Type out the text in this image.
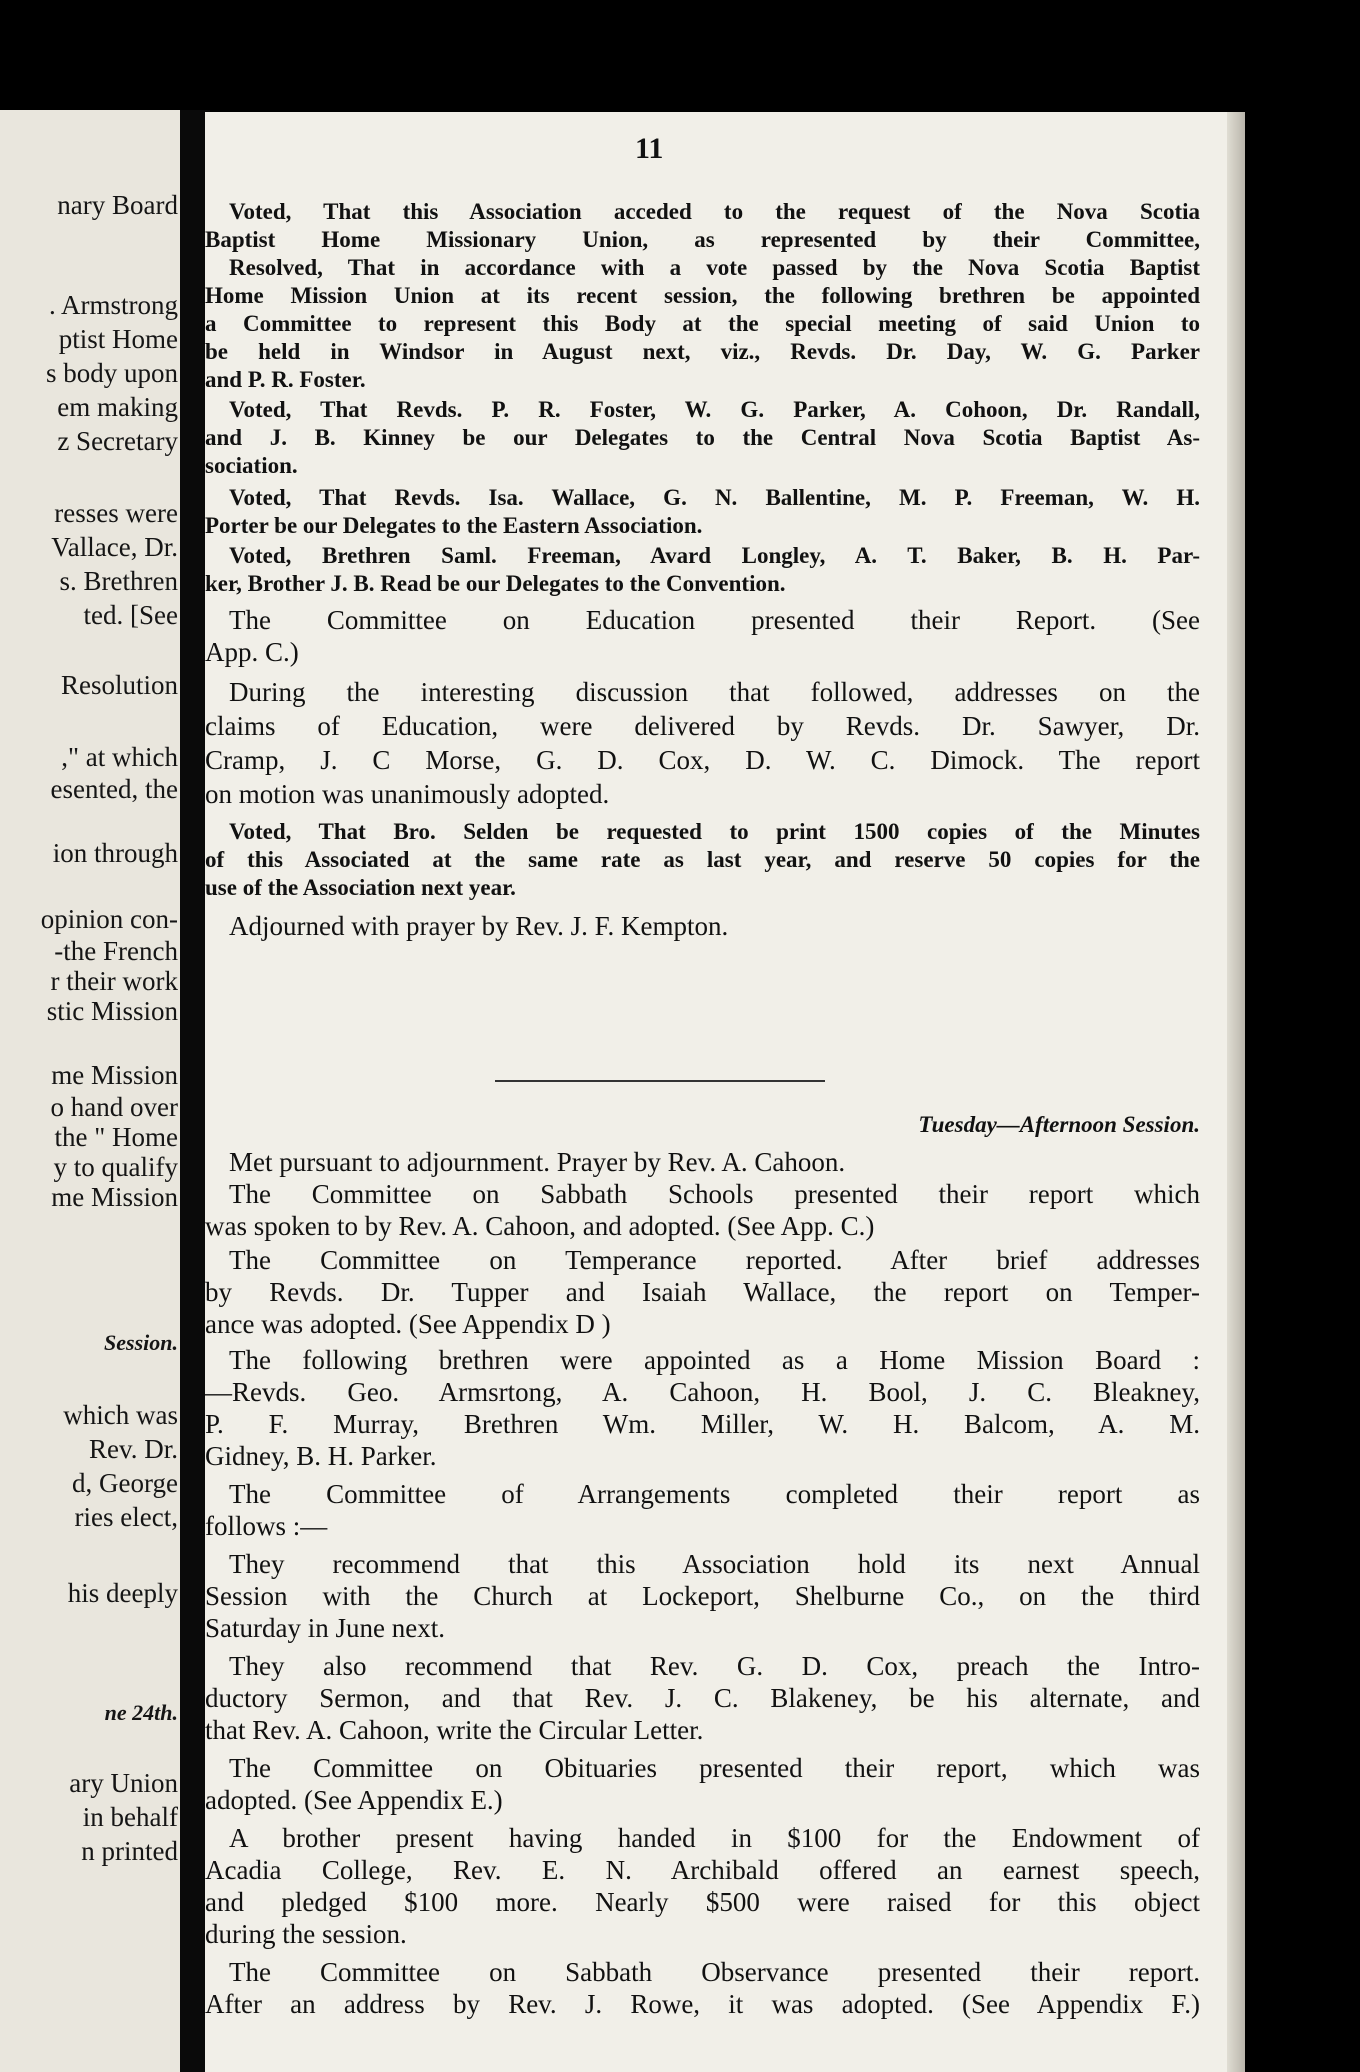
nary Board
. Armstrong
ptist Home
s body upon
em making
z Secretary
resses were
Vallace, Dr.
s. Brethren
ted. [See
Resolution
," at which
esented, the
ion through
opinion con-
-the French
r their work
stic Mission
me Mission
o hand over
the " Home
y to qualify
me Mission
Session.
which was
Rev. Dr.
d, George
ries elect,
his deeply
ne 24th.
ary Union
in behalf
n printed
11
Voted, That this Association acceded to the request of the Nova Scotia
Baptist Home Missionary Union, as represented by their Committee,
Resolved, That in accordance with a vote passed by the Nova Scotia Baptist
Home Mission Union at its recent session, the following brethren be appointed
a Committee to represent this Body at the special meeting of said Union to
be held in Windsor in August next, viz., Revds. Dr. Day, W. G. Parker
and P. R. Foster.
Voted, That Revds. P. R. Foster, W. G. Parker, A. Cohoon, Dr. Randall,
and J. B. Kinney be our Delegates to the Central Nova Scotia Baptist As-
sociation.
Voted, That Revds. Isa. Wallace, G. N. Ballentine, M. P. Freeman, W. H.
Porter be our Delegates to the Eastern Association.
Voted, Brethren Saml. Freeman, Avard Longley, A. T. Baker, B. H. Par-
ker, Brother J. B. Read be our Delegates to the Convention.
The Committee on Education presented their Report. (See
App. C.)
During the interesting discussion that followed, addresses on the
claims of Education, were delivered by Revds. Dr. Sawyer, Dr.
Cramp, J. C Morse, G. D. Cox, D. W. C. Dimock. The report
on motion was unanimously adopted.
Voted, That Bro. Selden be requested to print 1500 copies of the Minutes
of this Associated at the same rate as last year, and reserve 50 copies for the
use of the Association next year.
Adjourned with prayer by Rev. J. F. Kempton.
Tuesday—Afternoon Session.
Met pursuant to adjournment. Prayer by Rev. A. Cahoon.
The Committee on Sabbath Schools presented their report which
was spoken to by Rev. A. Cahoon, and adopted. (See App. C.)
The Committee on Temperance reported. After brief addresses
by Revds. Dr. Tupper and Isaiah Wallace, the report on Temper-
ance was adopted. (See Appendix D )
The following brethren were appointed as a Home Mission Board :
—Revds. Geo. Armsrtong, A. Cahoon, H. Bool, J. C. Bleakney,
P. F. Murray, Brethren Wm. Miller, W. H. Balcom, A. M.
Gidney, B. H. Parker.
The Committee of Arrangements completed their report as
follows :—
They recommend that this Association hold its next Annual
Session with the Church at Lockeport, Shelburne Co., on the third
Saturday in June next.
They also recommend that Rev. G. D. Cox, preach the Intro-
ductory Sermon, and that Rev. J. C. Blakeney, be his alternate, and
that Rev. A. Cahoon, write the Circular Letter.
The Committee on Obituaries presented their report, which was
adopted. (See Appendix E.)
A brother present having handed in $100 for the Endowment of
Acadia College, Rev. E. N. Archibald offered an earnest speech,
and pledged $100 more. Nearly $500 were raised for this object
during the session.
The Committee on Sabbath Observance presented their report.
After an address by Rev. J. Rowe, it was adopted. (See Appendix F.)
